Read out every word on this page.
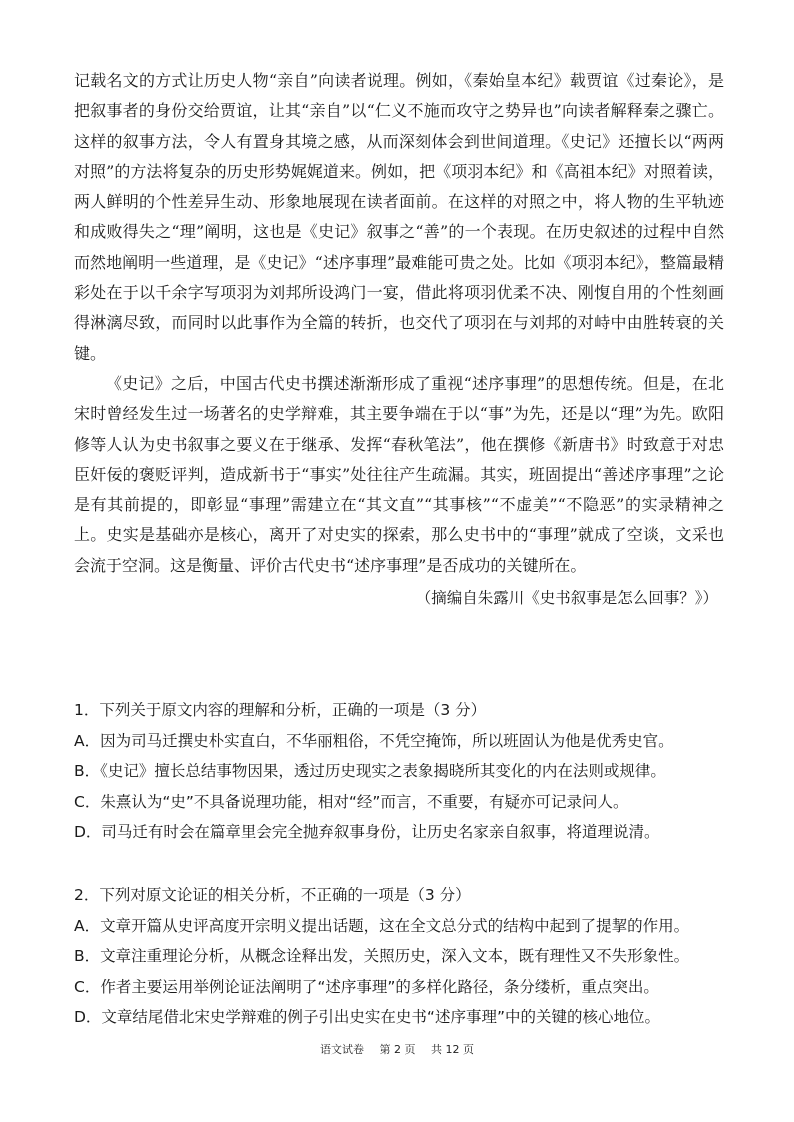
记载名文的方式让历史人物“亲自”向读者说理。例如，《秦始皇本纪》载贾谊《过秦论》，是把叙事者的身份交给贾谊，让其“亲自”以“仁义不施而攻守之势异也”向读者解释秦之骤亡。这样的叙事方法，令人有置身其境之感，从而深刻体会到世间道理。《史记》还擅长以“两两对照”的方法将复杂的历史形势娓娓道来。例如，把《项羽本纪》和《高祖本纪》对照着读，两人鲜明的个性差异生动、形象地展现在读者面前。在这样的对照之中，将人物的生平轨迹和成败得失之“理”阐明，这也是《史记》叙事之“善”的一个表现。在历史叙述的过程中自然而然地阐明一些道理，是《史记》“述序事理”最难能可贵之处。比如《项羽本纪》，整篇最精彩处在于以千余字写项羽为刘邦所设鸿门一宴，借此将项羽优柔不决、刚愎自用的个性刻画得淋漓尽致，而同时以此事作为全篇的转折，也交代了项羽在与刘邦的对峙中由胜转衰的关键。

《史记》之后，中国古代史书撰述渐渐形成了重视“述序事理”的思想传统。但是，在北宋时曾经发生过一场著名的史学辩难，其主要争端在于以“事”为先，还是以“理”为先。欧阳修等人认为史书叙事之要义在于继承、发挥“春秋笔法”，他在撰修《新唐书》时致意于对忠臣奸佞的褒贬评判，造成新书于“事实”处往往产生疏漏。其实，班固提出“善述序事理”之论是有其前提的，即彰显“事理”需建立在“其文直”“其事核”“不虚美”“不隐恶”的实录精神之上。史实是基础亦是核心，离开了对史实的探索，那么史书中的“事理”就成了空谈，文采也会流于空洞。这是衡量、评价古代史书“述序事理”是否成功的关键所在。

（摘编自朱露川《史书叙事是怎么回事？》）

1．下列关于原文内容的理解和分析，正确的一项是（3 分）

A．因为司马迁撰史朴实直白，不华丽粗俗，不凭空掩饰，所以班固认为他是优秀史官。

B．《史记》擅长总结事物因果，透过历史现实之表象揭晓所其变化的内在法则或规律。

C．朱熹认为“史”不具备说理功能，相对“经”而言，不重要，有疑亦可记录问人。

D．司马迁有时会在篇章里会完全抛弃叙事身份，让历史名家亲自叙事，将道理说清。

2．下列对原文论证的相关分析，不正确的一项是（3 分）

A．文章开篇从史评高度开宗明义提出话题，这在全文总分式的结构中起到了提挈的作用。

B．文章注重理论分析，从概念诠释出发，关照历史，深入文本，既有理性又不失形象性。

C．作者主要运用举例论证法阐明了“述序事理”的多样化路径，条分缕析，重点突出。

D．文章结尾借北宋史学辩难的例子引出史实在史书“述序事理”中的关键的核心地位。

语文试卷 第 2 页 共 12 页
